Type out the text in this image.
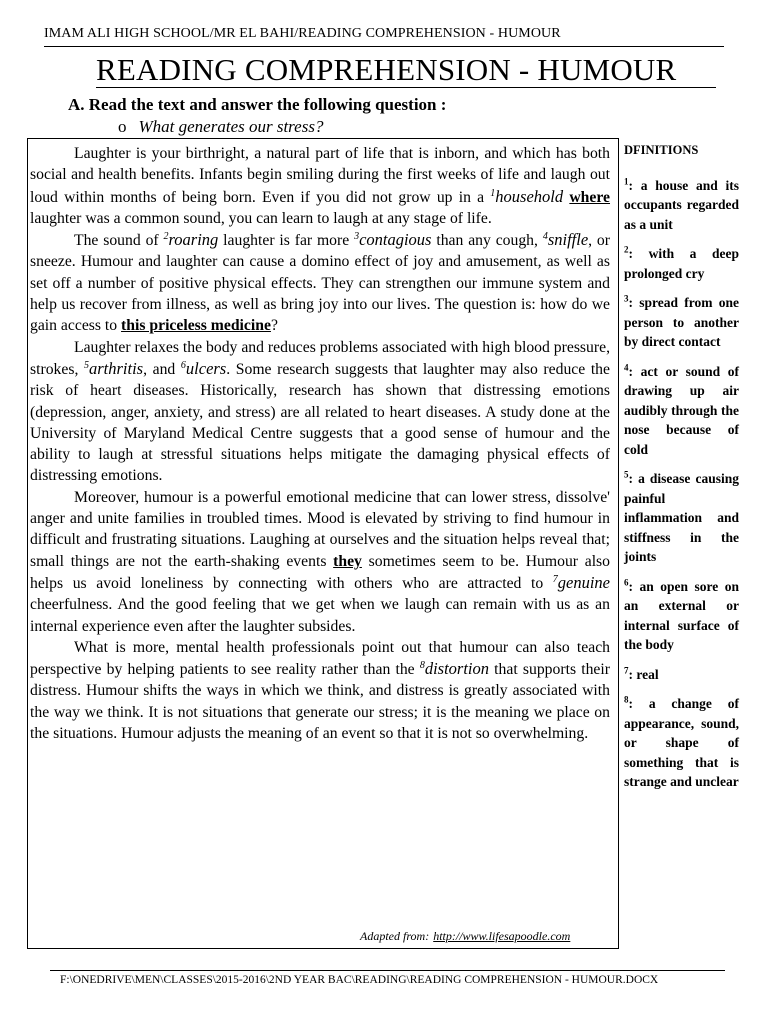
IMAM ALI HIGH SCHOOL/MR EL BAHI/READING COMPREHENSION - HUMOUR
READING COMPREHENSION - HUMOUR
A. Read the text and answer the following question :
o What generates our stress?

Laughter is your birthright, a natural part of life that is inborn, and which has both social and health benefits. Infants begin smiling during the first weeks of life and laugh out loud within months of being born. Even if you did not grow up in a $^1$household where laughter was a common sound, you can learn to laugh at any stage of life.

The sound of $^2$roaring laughter is far more $^3$contagious than any cough, $^4$sniffle, or sneeze. Humour and laughter can cause a domino effect of joy and amusement, as well as set off a number of positive physical effects. They can strengthen our immune system and help us recover from illness, as well as bring joy into our lives. The question is: how do we gain access to this priceless medicine?

Laughter relaxes the body and reduces problems associated with high blood pressure, strokes, $^5$arthritis, and $^6$ulcers. Some research suggests that laughter may also reduce the risk of heart diseases. Historically, research has shown that distressing emotions (depression, anger, anxiety, and stress) are all related to heart diseases. A study done at the University of Maryland Medical Centre suggests that a good sense of humour and the ability to laugh at stressful situations helps mitigate the damaging physical effects of distressing emotions.

Moreover, humour is a powerful emotional medicine that can lower stress, dissolve' anger and unite families in troubled times. Mood is elevated by striving to find humour in difficult and frustrating situations. Laughing at ourselves and the situation helps reveal that; small things are not the earth-shaking events they sometimes seem to be. Humour also helps us avoid loneliness by connecting with others who are attracted to $^7$genuine cheerfulness. And the good feeling that we get when we laugh can remain with us as an internal experience even after the laughter subsides.

What is more, mental health professionals point out that humour can also teach perspective by helping patients to see reality rather than the $^8$distortion that supports their distress. Humour shifts the ways in which we think, and distress is greatly associated with the way we think. It is not situations that generate our stress; it is the meaning we place on the situations. Humour adjusts the meaning of an event so that it is not so overwhelming.

Adapted from: http://www.lifesapoodle.com
DFINITIONS
$^1$: a house and its occupants regarded as a unit
$^2$: with a deep prolonged cry
$^3$: spread from one person to another by direct contact
$^4$: act or sound of drawing up air audibly through the nose because of cold
$^5$: a disease causing painful inflammation and stiffness in the joints
$^6$: an open sore on an external or internal surface of the body
$^7$: real
$^8$: a change of appearance, sound, or shape of something that is strange and unclear
F:\ONEDRIVE\MEN\CLASSES\2015-2016\2ND YEAR BAC\READING\READING COMPREHENSION - HUMOUR.DOCX
